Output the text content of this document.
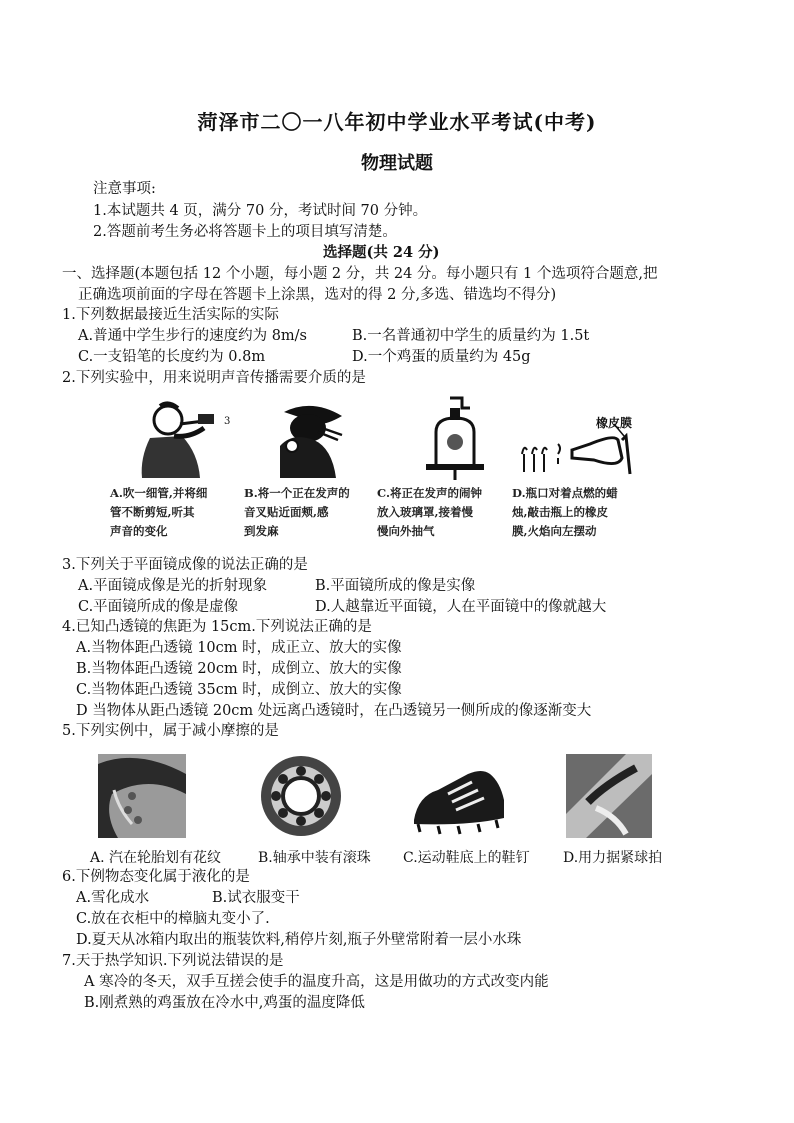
菏泽市二〇一八年初中学业水平考试(中考)
物理试题
注意事项:
1.本试题共 4 页，满分 70 分，考试时间 70 分钟。
2.答题前考生务必将答题卡上的项目填写清楚。
选择题(共 24 分)
一、选择题(本题包括 12 个小题，每小题 2 分，共 24 分。每小题只有 1 个选项符合题意,把
正确选项前面的字母在答题卡上涂黑，选对的得 2 分,多选、错选均不得分)
1.下列数据最接近生活实际的实际
A.普通中学生步行的速度约为 8m/s	B.一名普通初中学生的质量约为 1.5t
C.一支铅笔的长度约为 0.8m	D.一个鸡蛋的质量约为 45g
2.下列实验中，用来说明声音传播需要介质的是
3	橡皮膜
A.吹一细管,并将细
管不断剪短,听其
声音的变化
B.将一个正在发声的
音叉贴近面颊,感
到发麻
C.将正在发声的闹钟
放入玻璃罩,接着慢
慢向外抽气
D.瓶口对着点燃的蜡
烛,敲击瓶上的橡皮
膜,火焰向左摆动
3.下列关于平面镜成像的说法正确的是
A.平面镜成像是光的折射现象	B.平面镜所成的像是实像
C.平面镜所成的像是虚像	D.人越靠近平面镜，人在平面镜中的像就越大
4.已知凸透镜的焦距为 15cm.下列说法正确的是
A.当物体距凸透镜 10cm 时，成正立、放大的实像
B.当物体距凸透镜 20cm 时，成倒立、放大的实像
C.当物体距凸透镜 35cm 时，成倒立、放大的实像
D 当物体从距凸透镜 20cm 处远离凸透镜时，在凸透镜另一侧所成的像逐渐变大
5.下列实例中，属于减小摩擦的是
A. 汽在轮胎划有花纹	B.轴承中装有滚珠 C.运动鞋底上的鞋钉 D.用力据紧球拍
6.下例物态变化属于液化的是
A.雪化成水	B.试衣服变干
C.放在衣柜中的樟脑丸变小了.
D.夏天从冰箱内取出的瓶装饮料,稍停片刻,瓶子外壁常附着一层小水珠
7.天于热学知识.下列说法错误的是
A 寒冷的冬天，双手互搓会使手的温度升高，这是用做功的方式改变内能
B.刚煮熟的鸡蛋放在冷水中,鸡蛋的温度降低
